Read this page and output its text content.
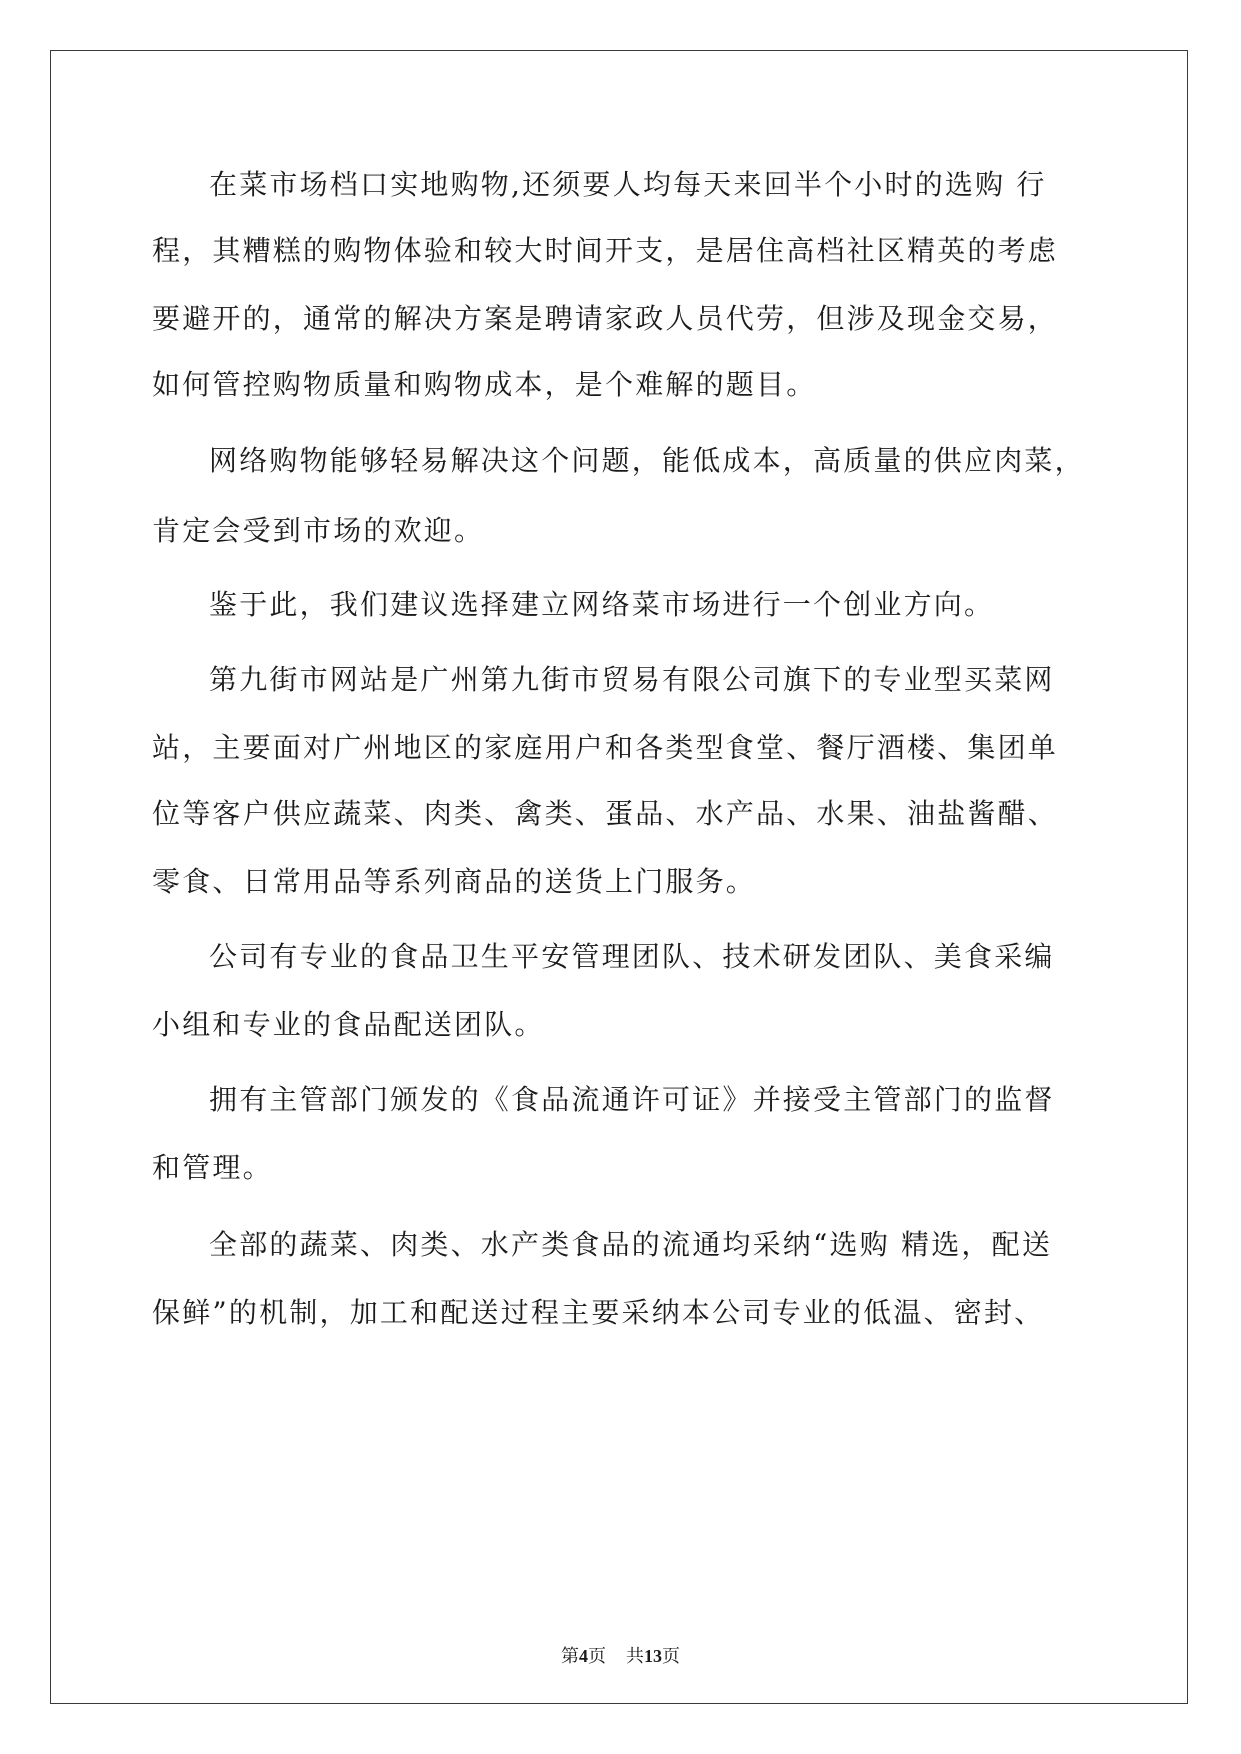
在菜市场档口实地购物,还须要人均每天来回半个小时的选购 行
程，其糟糕的购物体验和较大时间开支，是居住高档社区精英的考虑
要避开的，通常的解决方案是聘请家政人员代劳，但涉及现金交易，
如何管控购物质量和购物成本，是个难解的题目。
网络购物能够轻易解决这个问题，能低成本，高质量的供应肉菜，
肯定会受到市场的欢迎。
鉴于此，我们建议选择建立网络菜市场进行一个创业方向。
第九街市网站是广州第九街市贸易有限公司旗下的专业型买菜网
站，主要面对广州地区的家庭用户和各类型食堂、餐厅酒楼、集团单
位等客户供应蔬菜、肉类、禽类、蛋品、水产品、水果、油盐酱醋、
零食、日常用品等系列商品的送货上门服务。
公司有专业的食品卫生平安管理团队、技术研发团队、美食采编
小组和专业的食品配送团队。
拥有主管部门颁发的《食品流通许可证》并接受主管部门的监督
和管理。
全部的蔬菜、肉类、水产类食品的流通均采纳“选购 精选，配送
保鲜”的机制，加工和配送过程主要采纳本公司专业的低温、密封、
第4页 共13页
